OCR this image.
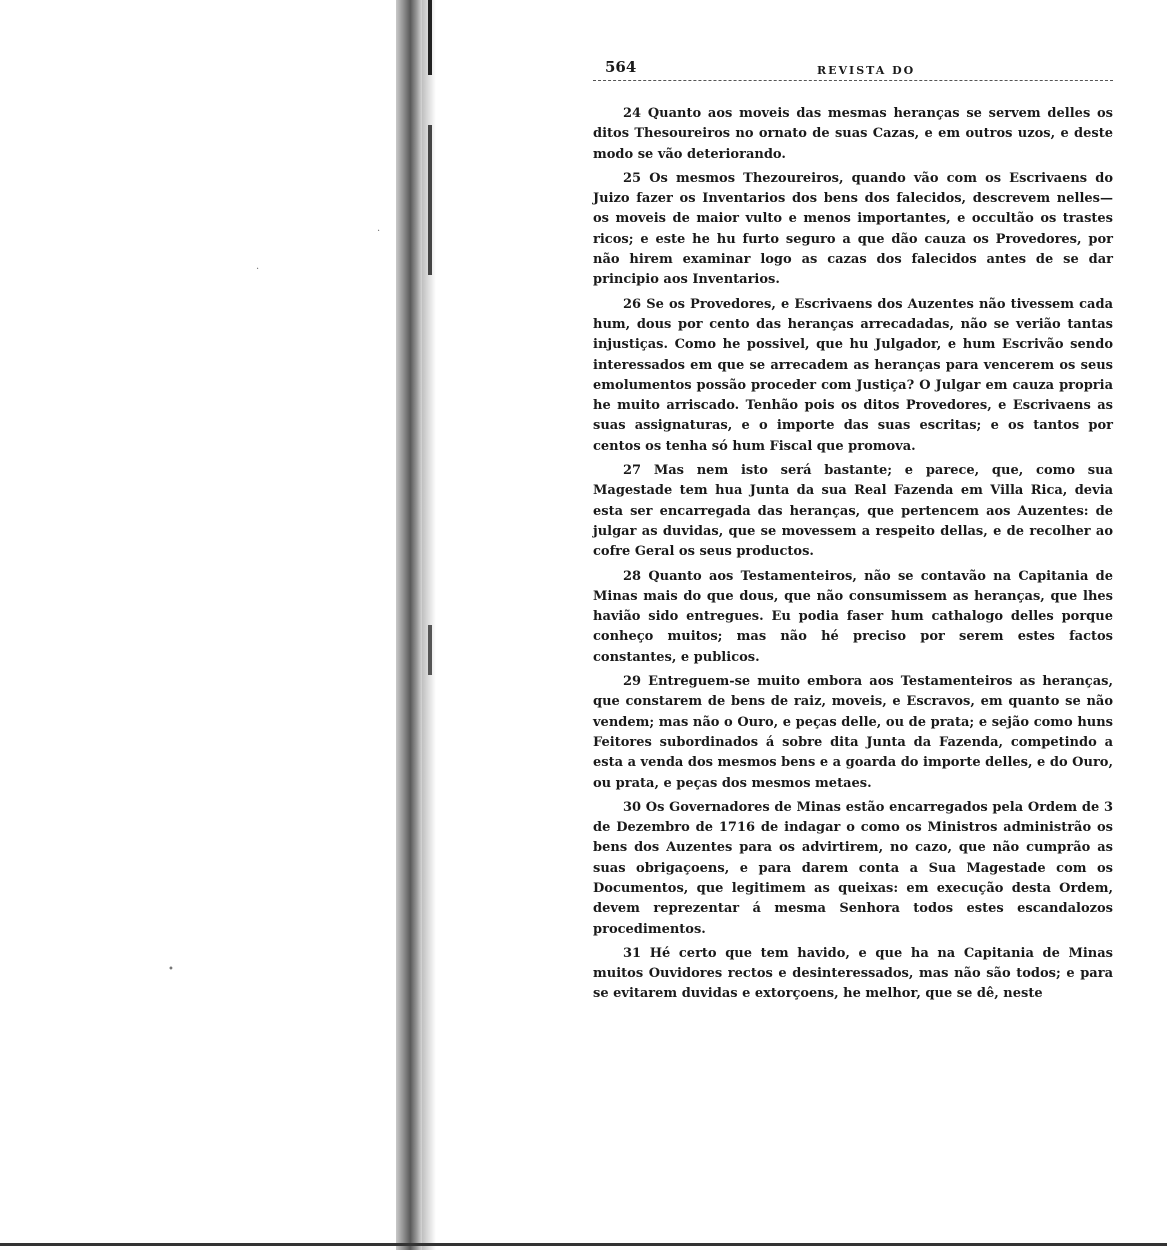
·
•
·
564	REVISTA DO

24 Quanto aos moveis das mesmas heranças se servem delles os ditos Thesoureiros no ornato de suas Cazas, e em outros uzos, e deste modo se vão deteriorando.

25 Os mesmos Thezoureiros, quando vão com os Escrivaens do Juizo fazer os Inventarios dos bens dos falecidos, descrevem nelles— os moveis de maior vulto e menos importantes, e occultão os trastes ricos; e este he hu furto seguro a que dão cauza os Provedores, por não hirem examinar logo as cazas dos falecidos antes de se dar principio aos Inventarios.

26 Se os Provedores, e Escrivaens dos Auzentes não tivessem cada hum, dous por cento das heranças arrecadadas, não se verião tantas injustiças. Como he possivel, que hu Julgador, e hum Escrivão sendo interessados em que se arrecadem as heranças para vencerem os seus emolumentos possão proceder com Justiça? O Julgar em cauza propria he muito arriscado. Tenhão pois os ditos Provedores, e Escrivaens as suas assignaturas, e o importe das suas escritas; e os tantos por centos os tenha só hum Fiscal que promova.

27 Mas nem isto será bastante; e parece, que, como sua Magestade tem hua Junta da sua Real Fazenda em Villa Rica, devia esta ser encarregada das heranças, que pertencem aos Auzentes: de julgar as duvidas, que se movessem a respeito dellas, e de recolher ao cofre Geral os seus productos.

28 Quanto aos Testamenteiros, não se contavão na Capitania de Minas mais do que dous, que não consumissem as heranças, que lhes havião sido entregues. Eu podia faser hum cathalogo delles porque conheço muitos; mas não hé preciso por serem estes factos constantes, e publicos.

29 Entreguem-se muito embora aos Testamenteiros as heranças, que constarem de bens de raiz, moveis, e Escravos, em quanto se não vendem; mas não o Ouro, e peças delle, ou de prata; e sejão como huns Feitores subordinados á sobre dita Junta da Fazenda, competindo a esta a venda dos mesmos bens e a goarda do importe delles, e do Ouro, ou prata, e peças dos mesmos metaes.

30 Os Governadores de Minas estão encarregados pela Ordem de 3 de Dezembro de 1716 de indagar o como os Ministros administrão os bens dos Auzentes para os advirtirem, no cazo, que não cumprão as suas obrigaçoens, e para darem conta a Sua Magestade com os Documentos, que legitimem as queixas: em execução desta Ordem, devem reprezentar á mesma Senhora todos estes escandalozos procedimentos.

31 Hé certo que tem havido, e que ha na Capitania de Minas muitos Ouvidores rectos e desinteressados, mas não são todos; e para se evitarem duvidas e extorçoens, he melhor, que se dê, neste
